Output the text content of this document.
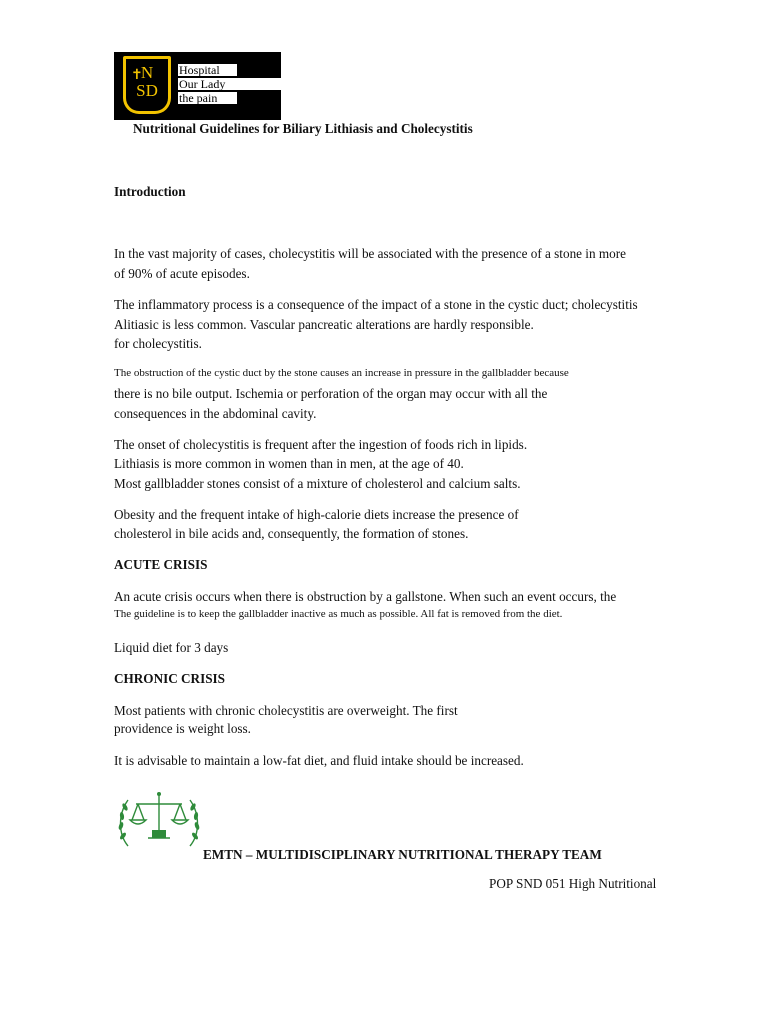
N
SD
✝	Hospital
Our Lady
the pain
Nutritional Guidelines for Biliary Lithiasis and Cholecystitis
Introduction
In the vast majority of cases, cholecystitis will be associated with the presence of a stone in more
of 90% of acute episodes.
The inflammatory process is a consequence of the impact of a stone in the cystic duct; cholecystitis
Alitiasic is less common. Vascular pancreatic alterations are hardly responsible.
for cholecystitis.
The obstruction of the cystic duct by the stone causes an increase in pressure in the gallbladder because
there is no bile output. Ischemia or perforation of the organ may occur with all the
consequences in the abdominal cavity.
The onset of cholecystitis is frequent after the ingestion of foods rich in lipids.
Lithiasis is more common in women than in men, at the age of 40.
Most gallbladder stones consist of a mixture of cholesterol and calcium salts.
Obesity and the frequent intake of high-calorie diets increase the presence of
cholesterol in bile acids and, consequently, the formation of stones.
ACUTE CRISIS
An acute crisis occurs when there is obstruction by a gallstone. When such an event occurs, the
The guideline is to keep the gallbladder inactive as much as possible. All fat is removed from the diet.
Liquid diet for 3 days
CHRONIC CRISIS
Most patients with chronic cholecystitis are overweight. The first
providence is weight loss.
It is advisable to maintain a low-fat diet, and fluid intake should be increased.
EMTN – MULTIDISCIPLINARY NUTRITIONAL THERAPY TEAM
POP SND 051 High Nutritional
